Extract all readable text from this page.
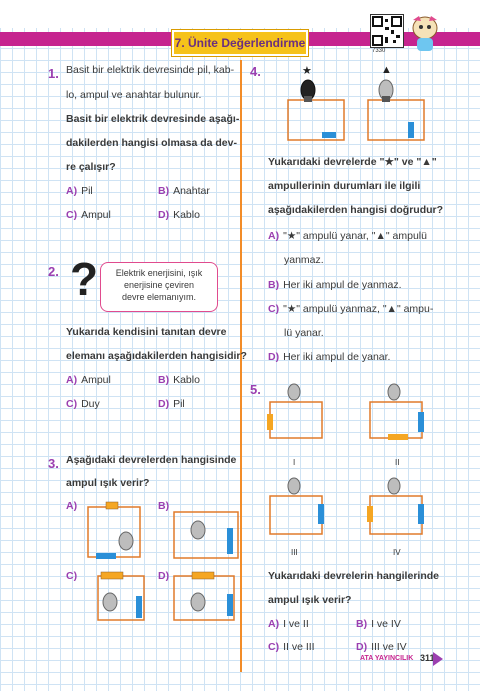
7. Ünite Değerlendirme
7330
1. Basit bir elektrik devresinde pil, kab-
lo, ampul ve anahtar bulunur.
Basit bir elektrik devresinde aşağı-
dakilerden hangisi olmasa da dev-
re çalışır?
A) Pil	B) Anahtar
C) Ampul	D) Kablo
2. ?	Elektrik enerjisini, ışık
enerjisine çeviren
devre elemanıyım.
Yukarıda kendisini tanıtan devre
elemanı aşağıdakilerden hangisidir?
A) Ampul	B) Kablo
C) Duy	D) Pil
3. Aşağıdaki devrelerden hangisinde
ampul ışık verir?
A)	B)
C)	D)
4.	★	▲
Yukarıdaki devrelerde "★" ve "▲"
ampullerinin durumları ile ilgili
aşağıdakilerden hangisi doğrudur?
A) "★" ampulü yanar, "▲" ampulü
yanmaz.
B) Her iki ampul de yanmaz.
C) "★" ampulü yanmaz, "▲" ampu-
lü yanar.
D) Her iki ampul de yanar.
5.
I	II
III	IV
Yukarıdaki devrelerin hangilerinde
ampul ışık verir?
A) I ve II	B) I ve IV
C) II ve III	D) III ve IV
ATA YAYINCILIK 311
